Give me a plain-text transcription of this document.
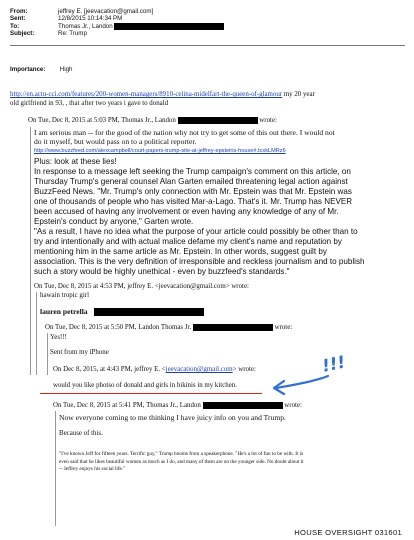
From:	jeffrey E. [jeevacation@gmail.com]
Sent:	12/8/2015 10:14:34 PM
To:	Thomas Jr., Landon
Subject:	Re: Trump
Importance: High
http://en.actu-cci.com/features/200-women-managers/8910-celina-midelfart-the-queen-of-glamour my 20 year
old girlfriend in 93, , that after two years i gave to donald
On Tue, Dec 8, 2015 at 5:03 PM, Thomas Jr., Landon	wrote:
I am serious man -- for the good of the nation why not try to get some of this out there. I would not
do it myself, but would pass on to a political reporter.
http://www.buzzfeed.com/alexcampbell/court-papers-trump-site-at-jeffrey-epsteins-house#.tcxkLMRz6
Plus: look at these lies!
In response to a message left seeking the Trump campaign's comment on this article, on
Thursday Trump's general counsel Alan Garten emailed threatening legal action against
BuzzFeed News. "Mr. Trump's only connection with Mr. Epstein was that Mr. Epstein was
one of thousands of people who has visited Mar-a-Lago. That's it. Mr. Trump has NEVER
been accused of having any involvement or even having any knowledge of any of Mr.
Epstein's conduct by anyone," Garten wrote.
"As a result, I have no idea what the purpose of your article could possibly be other than to
try and intentionally and with actual malice defame my client's name and reputation by
mentioning him in the same article as Mr. Epstein. In other words, suggest guilt by
association. This is the very definition of irresponsible and reckless journalism and to publish
such a story would be highly unethical - even by buzzfeed's standards."
On Tue, Dec 8, 2015 at 4:53 PM, jeffrey E. <jeevacation@gmail.com> wrote:
hawain tropic girl
lauren petrella
On Tue, Dec 8, 2015 at 5:50 PM, Landon Thomas Jr.	wrote:
Yes!!!
Sent from my iPhone
On Dec 8, 2015, at 4:43 PM, jeffrey E. <jeevacation@gmail.com> wrote:
would you like photso of donald and girls in bikinis in my kitchen.
!!!
On Tue, Dec 8, 2015 at 5:41 PM, Thomas Jr., Landon	wrote:
Now everyone coming to me thinking I have juicy info on you and Trump.
Because of this.
"I've known Jeff for fifteen years. Terrific guy," Trump booms from a speakerphone. "He's a lot of fun to be with. It is
even said that he likes beautiful women as much as I do, and many of them are on the younger side. No doubt about it
-- Jeffrey enjoys his social life."
HOUSE OVERSIGHT 031601
